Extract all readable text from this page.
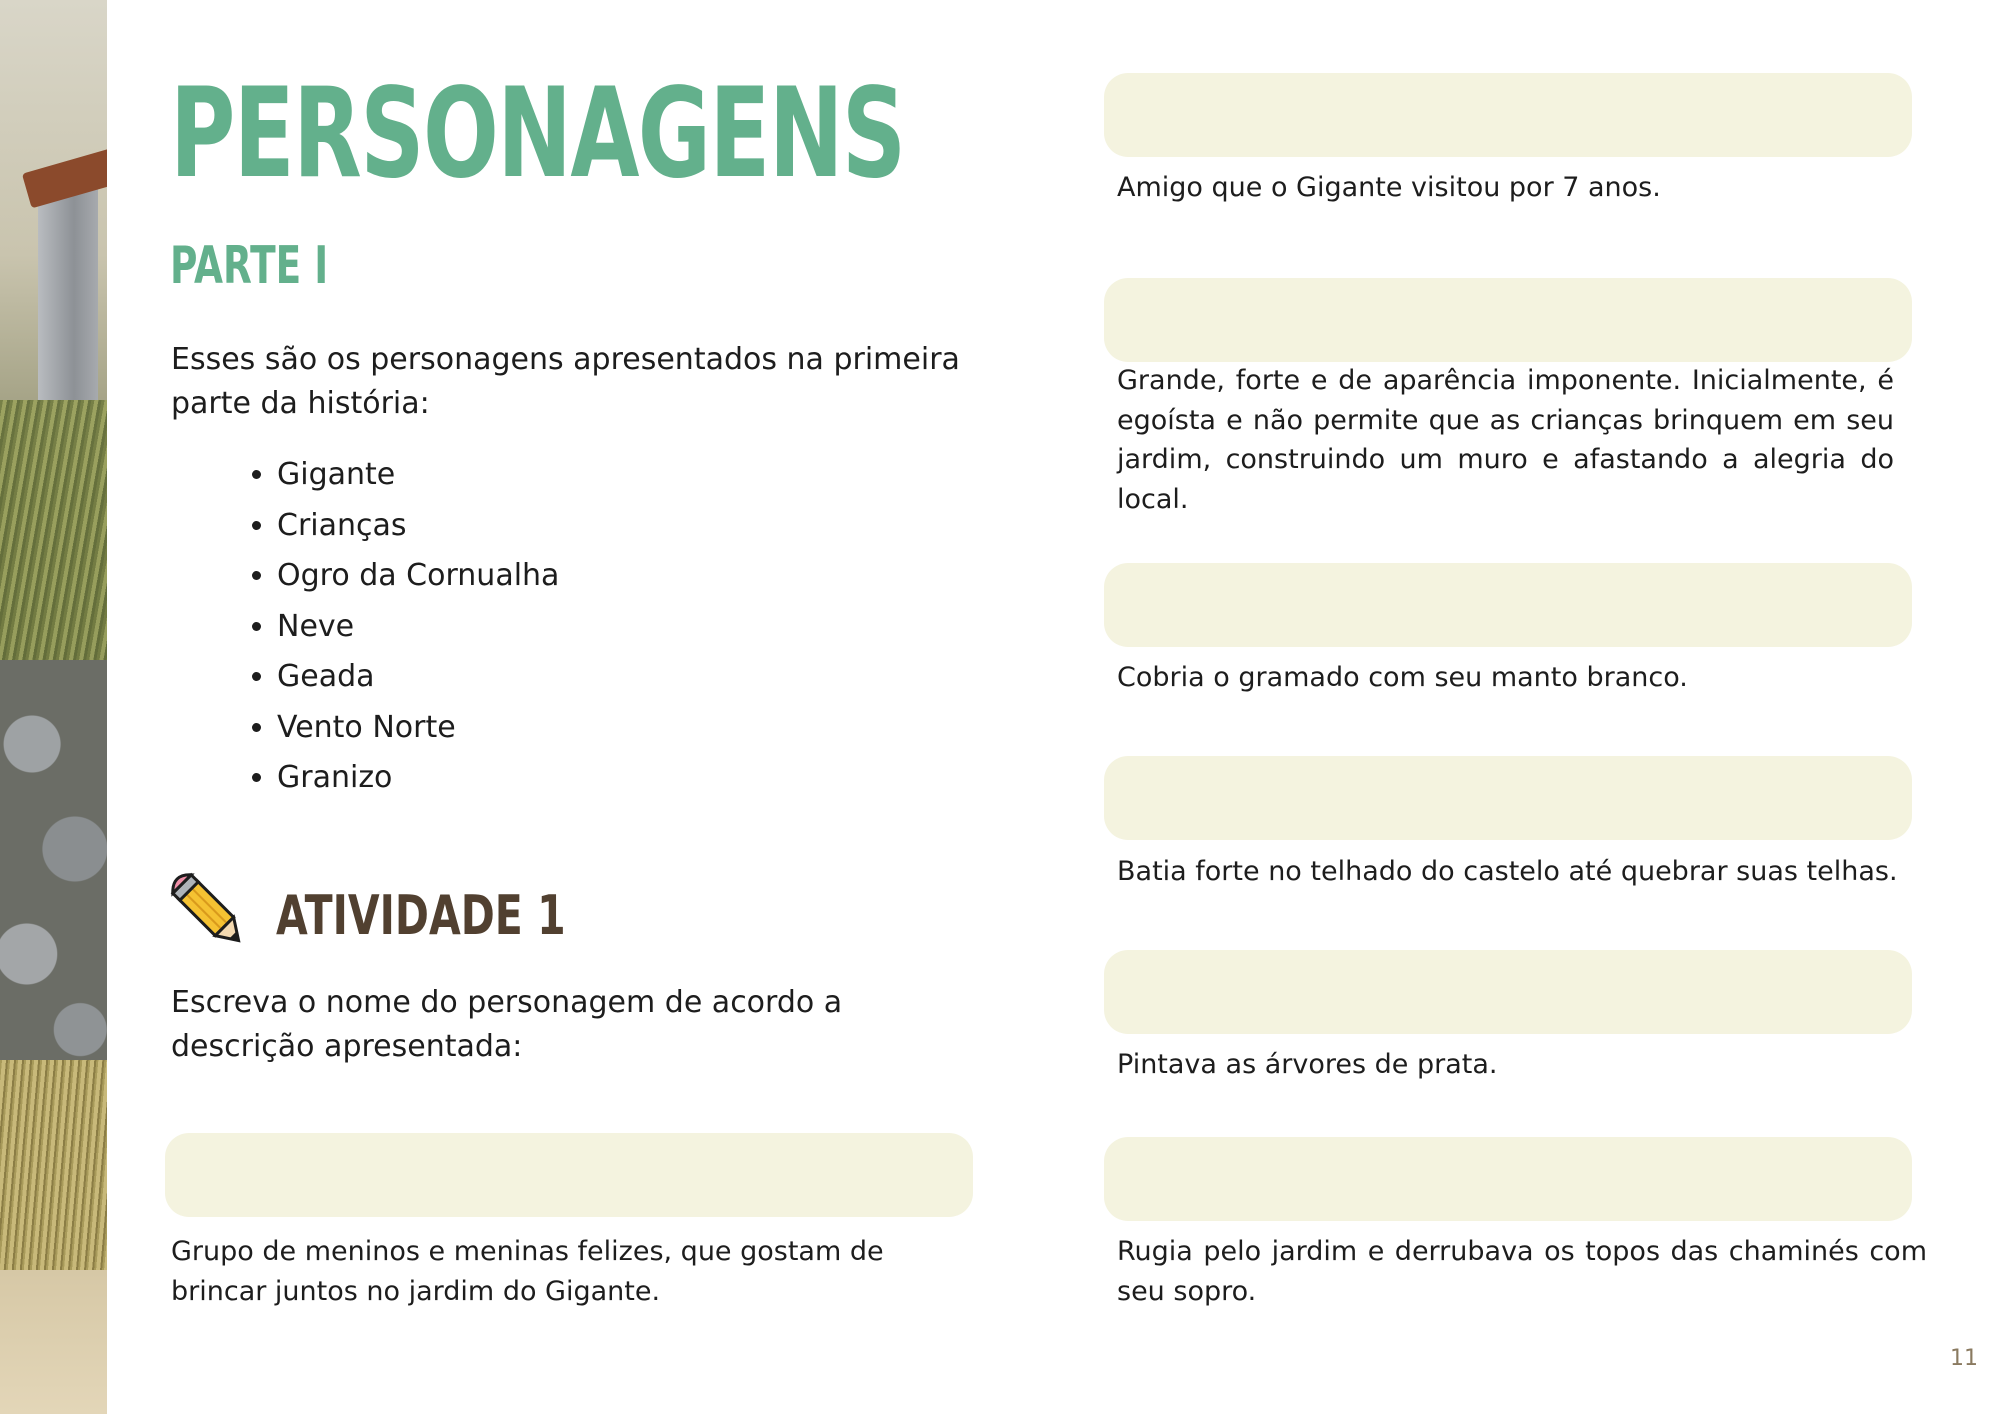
PERSONAGENS
PARTE I

Esses são os personagens apresentados na primeira parte da história:

• Gigante
• Crianças
• Ogro da Cornualha
• Neve
• Geada
• Vento Norte
• Granizo
ATIVIDADE 1

Escreva o nome do personagem de acordo a descrição apresentada:

Grupo de meninos e meninas felizes, que gostam de brincar juntos no jardim do Gigante.

Amigo que o Gigante visitou por 7 anos.

Grande, forte e de aparência imponente. Inicialmente, é egoísta e não permite que as crianças brinquem em seu jardim, construindo um muro e afastando a alegria do local.

Cobria o gramado com seu manto branco.

Batia forte no telhado do castelo até quebrar suas telhas.

Pintava as árvores de prata.

Rugia pelo jardim e derrubava os topos das chaminés com seu sopro.

11
